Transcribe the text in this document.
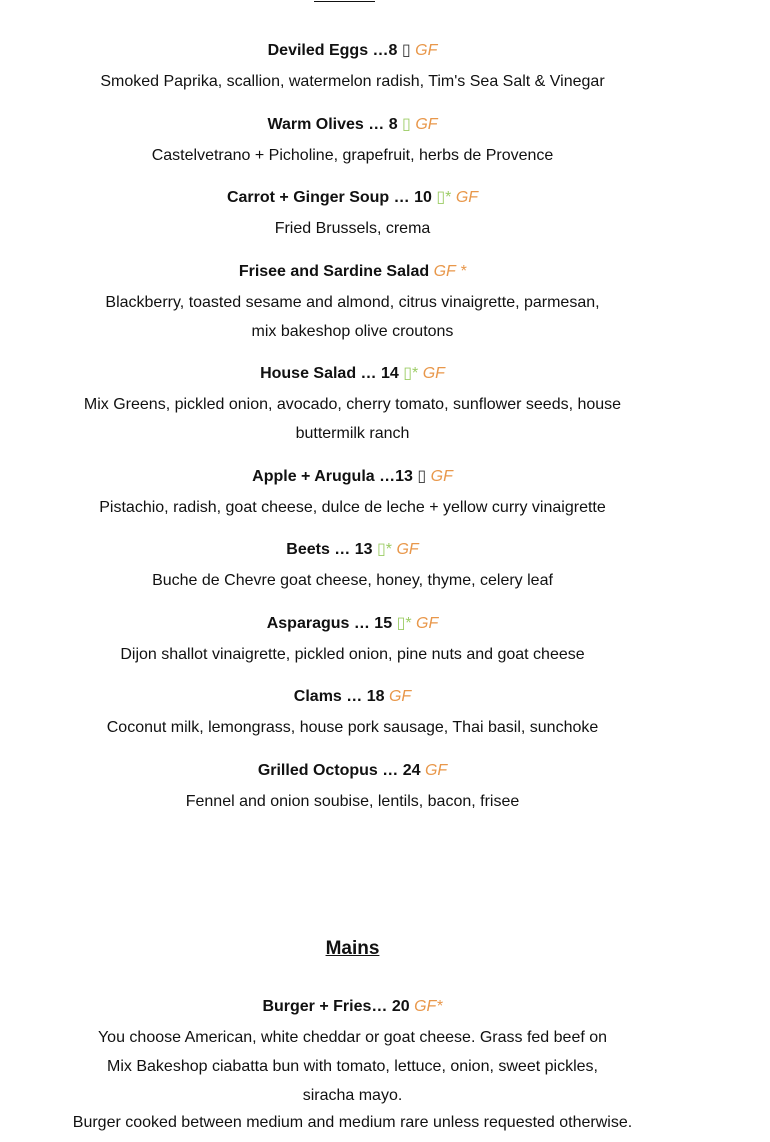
Deviled Eggs …8 ▯ GF

Smoked Paprika, scallion, watermelon radish, Tim's Sea Salt & Vinegar

Warm Olives … 8 ▯ GF

Castelvetrano + Picholine, grapefruit, herbs de Provence

Carrot + Ginger Soup … 10 ▯* GF

Fried Brussels, crema

Frisee and Sardine Salad GF *

Blackberry, toasted sesame and almond, citrus vinaigrette, parmesan, mix bakeshop olive croutons

House Salad … 14 ▯* GF

Mix Greens, pickled onion, avocado, cherry tomato, sunflower seeds, house buttermilk ranch

Apple + Arugula …13 ▯ GF

Pistachio, radish, goat cheese, dulce de leche + yellow curry vinaigrette

Beets … 13 ▯* GF

Buche de Chevre goat cheese, honey, thyme, celery leaf

Asparagus … 15 ▯* GF

Dijon shallot vinaigrette, pickled onion, pine nuts and goat cheese

Clams … 18 GF

Coconut milk, lemongrass, house pork sausage, Thai basil, sunchoke

Grilled Octopus … 24 GF

Fennel and onion soubise, lentils, bacon, frisee

Mains

Burger + Fries… 20 GF*

You choose American, white cheddar or goat cheese. Grass fed beef on Mix Bakeshop ciabatta bun with tomato, lettuce, onion, sweet pickles, siracha mayo.

Burger cooked between medium and medium rare unless requested otherwise.
